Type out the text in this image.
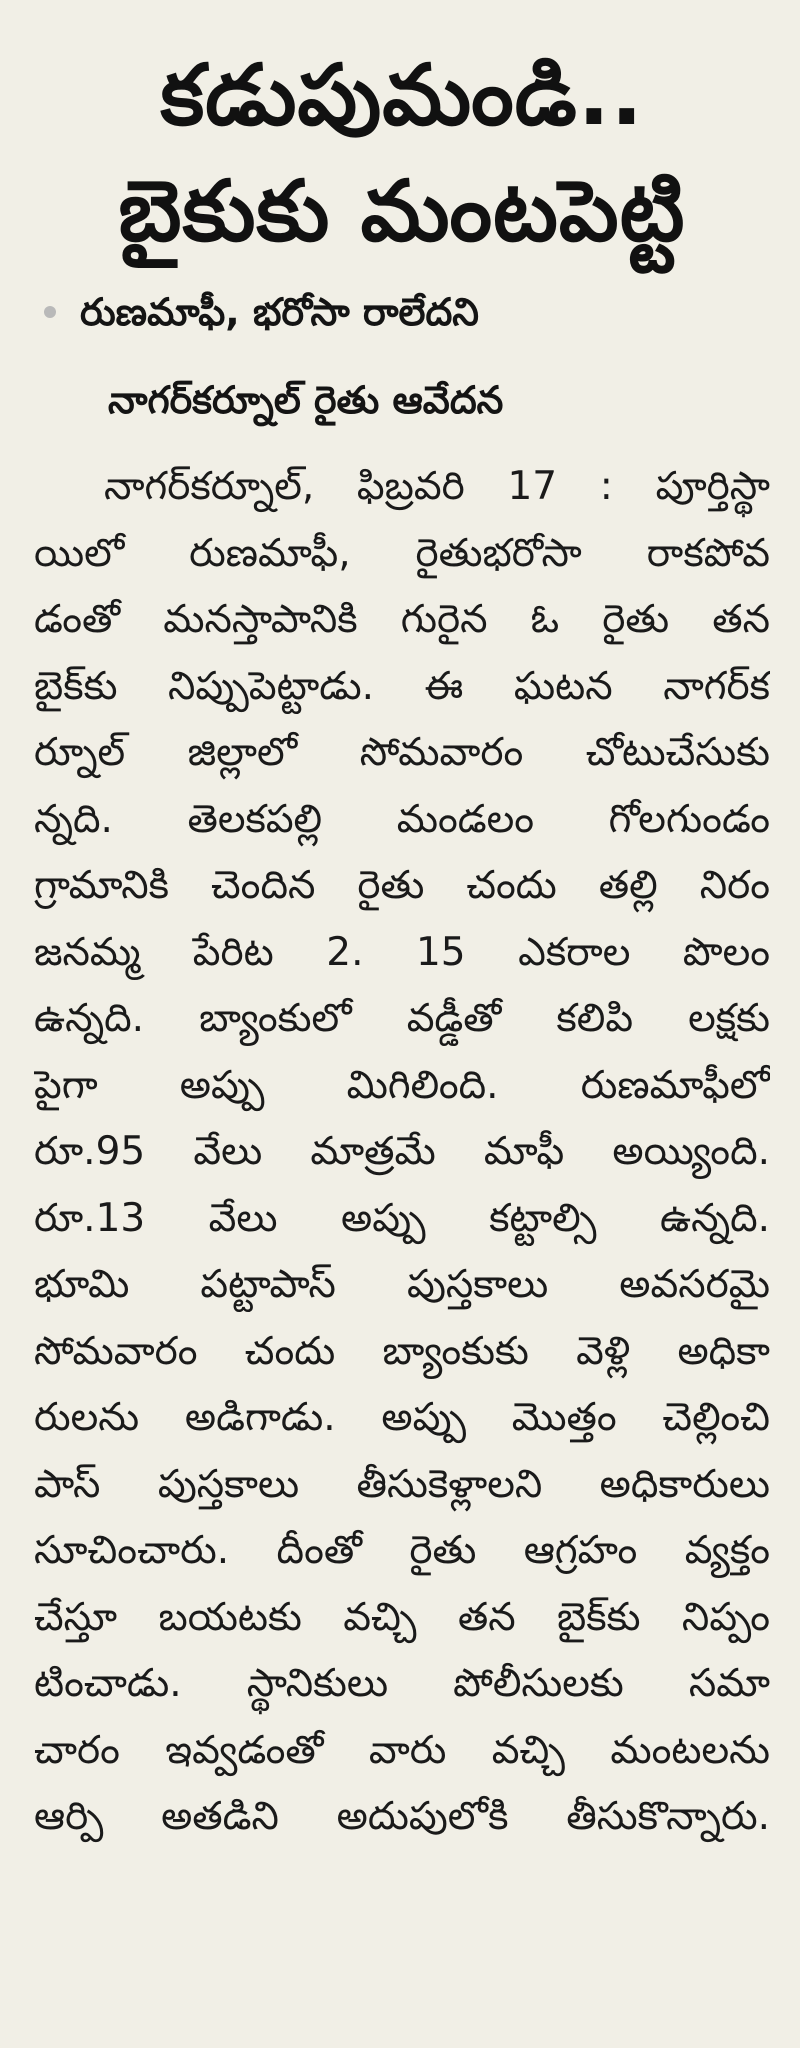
కడుపుమండి..
బైకుకు మంటపెట్టి
రుణమాఫీ, భరోసా రాలేదని
నాగర్‌కర్నూల్ రైతు ఆవేదన
నాగర్‌కర్నూల్, ఫిబ్రవరి 17 : పూర్తిస్థా
యిలో రుణమాఫీ, రైతుభరోసా రాకపోవ
డంతో మనస్తాపానికి గురైన ఓ రైతు తన
బైక్‌కు నిప్పుపెట్టాడు. ఈ ఘటన నాగర్‌క
ర్నూల్ జిల్లాలో సోమవారం చోటుచేసుకు
న్నది. తెలకపల్లి మండలం గోలగుండం
గ్రామానికి చెందిన రైతు చందు తల్లి నిరం
జనమ్మ పేరిట 2. 15 ఎకరాల పొలం
ఉన్నది. బ్యాంకులో వడ్డీతో కలిపి లక్షకు
పైగా అప్పు మిగిలింది. రుణమాఫీలో
రూ.95 వేలు మాత్రమే మాఫీ అయ్యింది.
రూ.13 వేలు అప్పు కట్టాల్సి ఉన్నది.
భూమి పట్టాపాస్ పుస్తకాలు అవసరమై
సోమవారం చందు బ్యాంకుకు వెళ్లి అధికా
రులను అడిగాడు. అప్పు మొత్తం చెల్లించి
పాస్ పుస్తకాలు తీసుకెళ్లాలని అధికారులు
సూచించారు. దీంతో రైతు ఆగ్రహం వ్యక్తం
చేస్తూ బయటకు వచ్చి తన బైక్‌కు నిప్పం
టించాడు. స్థానికులు పోలీసులకు సమా
చారం ఇవ్వడంతో వారు వచ్చి మంటలను
ఆర్పి అతడిని అదుపులోకి తీసుకొన్నారు.
